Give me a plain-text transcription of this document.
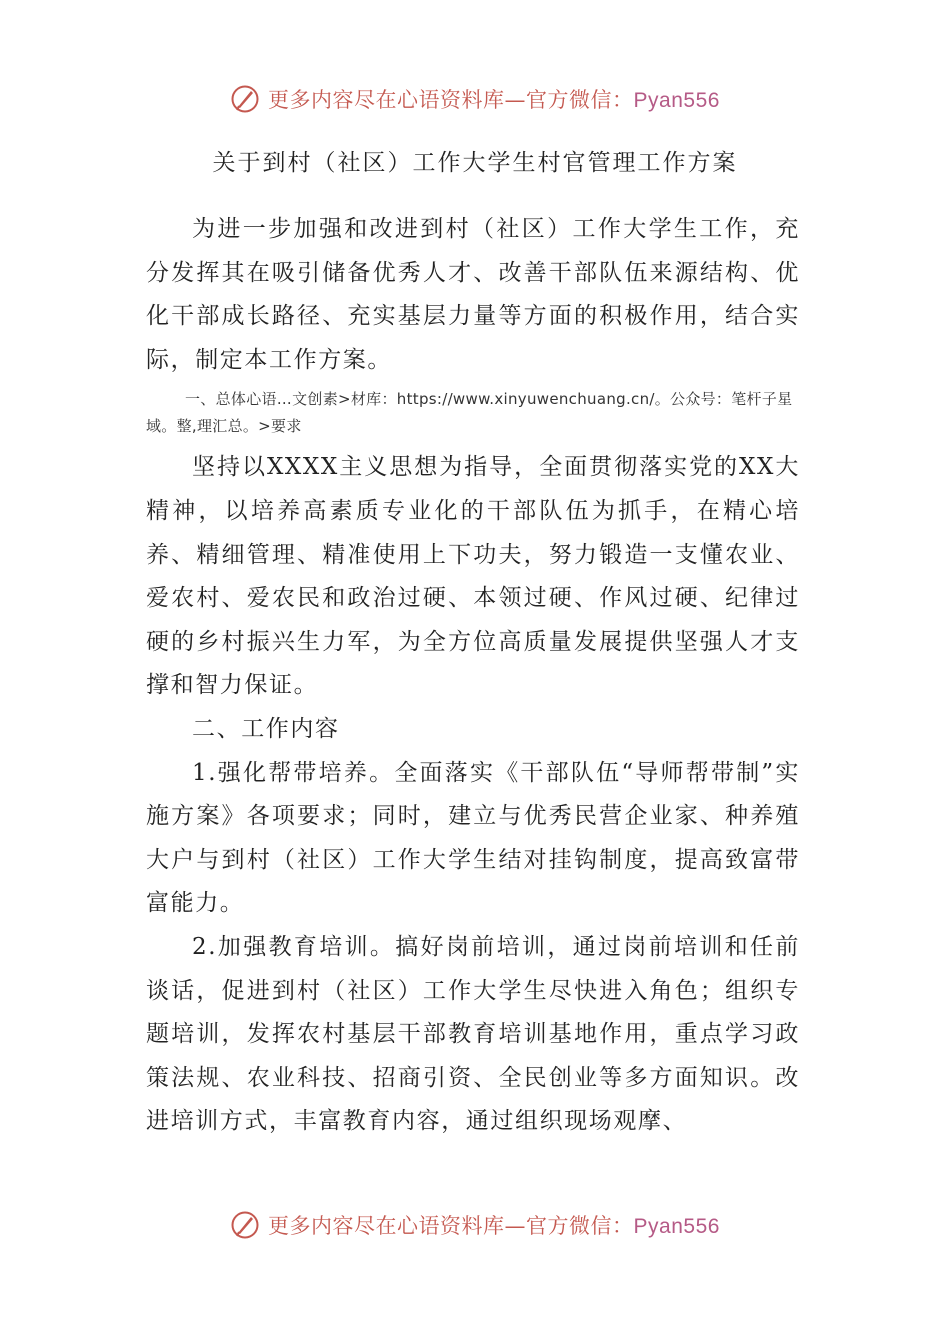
更多内容尽在心语资料库—官方微信：Pyan556
关于到村（社区）工作大学生村官管理工作方案

为进一步加强和改进到村（社区）工作大学生工作，充分发挥其在吸引储备优秀人才、改善干部队伍来源结构、优化干部成长路径、充实基层力量等方面的积极作用，结合实际，制定本工作方案。

一、总体心语…文创素>材库：https://www.xinyuwenchuang.cn/。公众号：笔杆子星域。整,理汇总。>要求

坚持以XXXX主义思想为指导，全面贯彻落实党的XX大精神，以培养高素质专业化的干部队伍为抓手，在精心培养、精细管理、精准使用上下功夫，努力锻造一支懂农业、爱农村、爱农民和政治过硬、本领过硬、作风过硬、纪律过硬的乡村振兴生力军，为全方位高质量发展提供坚强人才支撑和智力保证。

二、工作内容

1.强化帮带培养。全面落实《干部队伍“导师帮带制”实施方案》各项要求；同时，建立与优秀民营企业家、种养殖大户与到村（社区）工作大学生结对挂钩制度，提高致富带富能力。

2.加强教育培训。搞好岗前培训，通过岗前培训和任前谈话，促进到村（社区）工作大学生尽快进入角色；组织专题培训，发挥农村基层干部教育培训基地作用，重点学习政策法规、农业科技、招商引资、全民创业等多方面知识。改进培训方式，丰富教育内容，通过组织现场观摩、

更多内容尽在心语资料库—官方微信：Pyan556
